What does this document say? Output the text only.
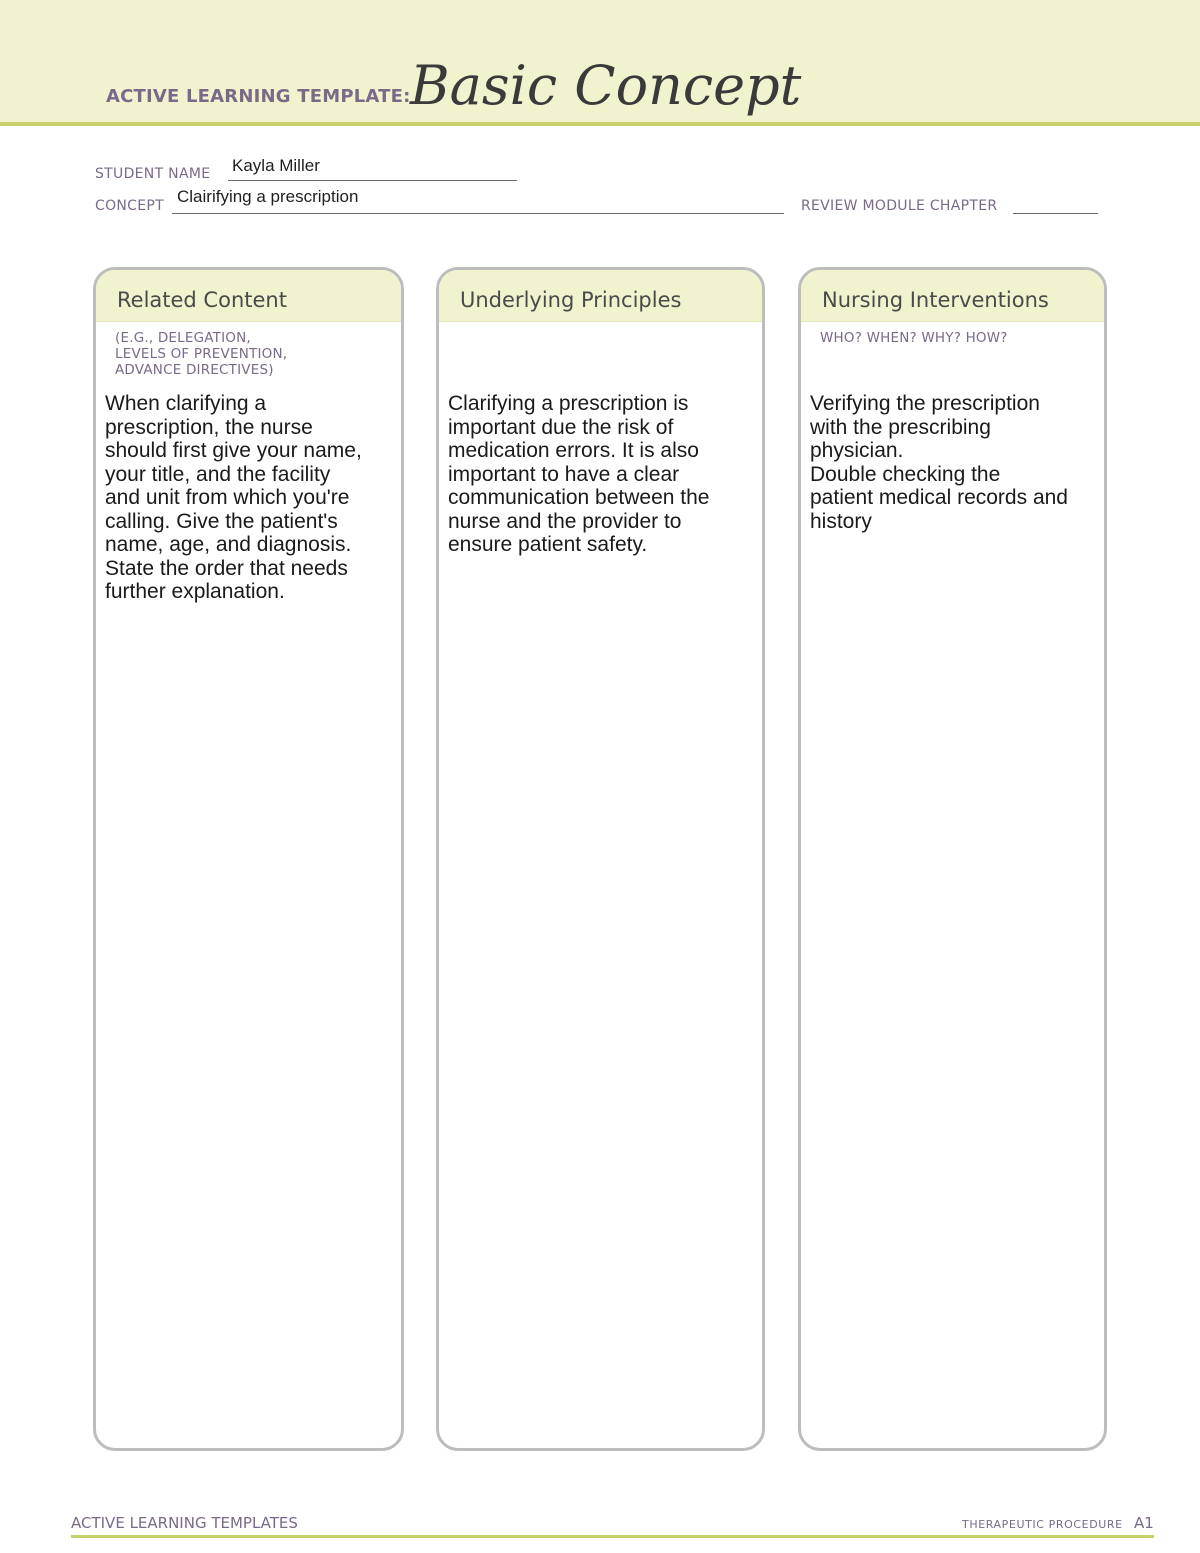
ACTIVE LEARNING TEMPLATE: Basic Concept
STUDENT NAME Kayla Miller
CONCEPT Clairifying a prescription	REVIEW MODULE CHAPTER
Related Content
(E.G., DELEGATION,
LEVELS OF PREVENTION,
ADVANCE DIRECTIVES)
When clarifying a
prescription, the nurse
should first give your name,
your title, and the facility
and unit from which you're
calling. Give the patient's
name, age, and diagnosis.
State the order that needs
further explanation.
Underlying Principles
Clarifying a prescription is
important due the risk of
medication errors. It is also
important to have a clear
communication between the
nurse and the provider to
ensure patient safety.
Nursing Interventions
WHO? WHEN? WHY? HOW?
Verifying the prescription
with the prescribing
physician.
Double checking the
patient medical records and
history
ACTIVE LEARNING TEMPLATES	THERAPEUTIC PROCEDURE A1
